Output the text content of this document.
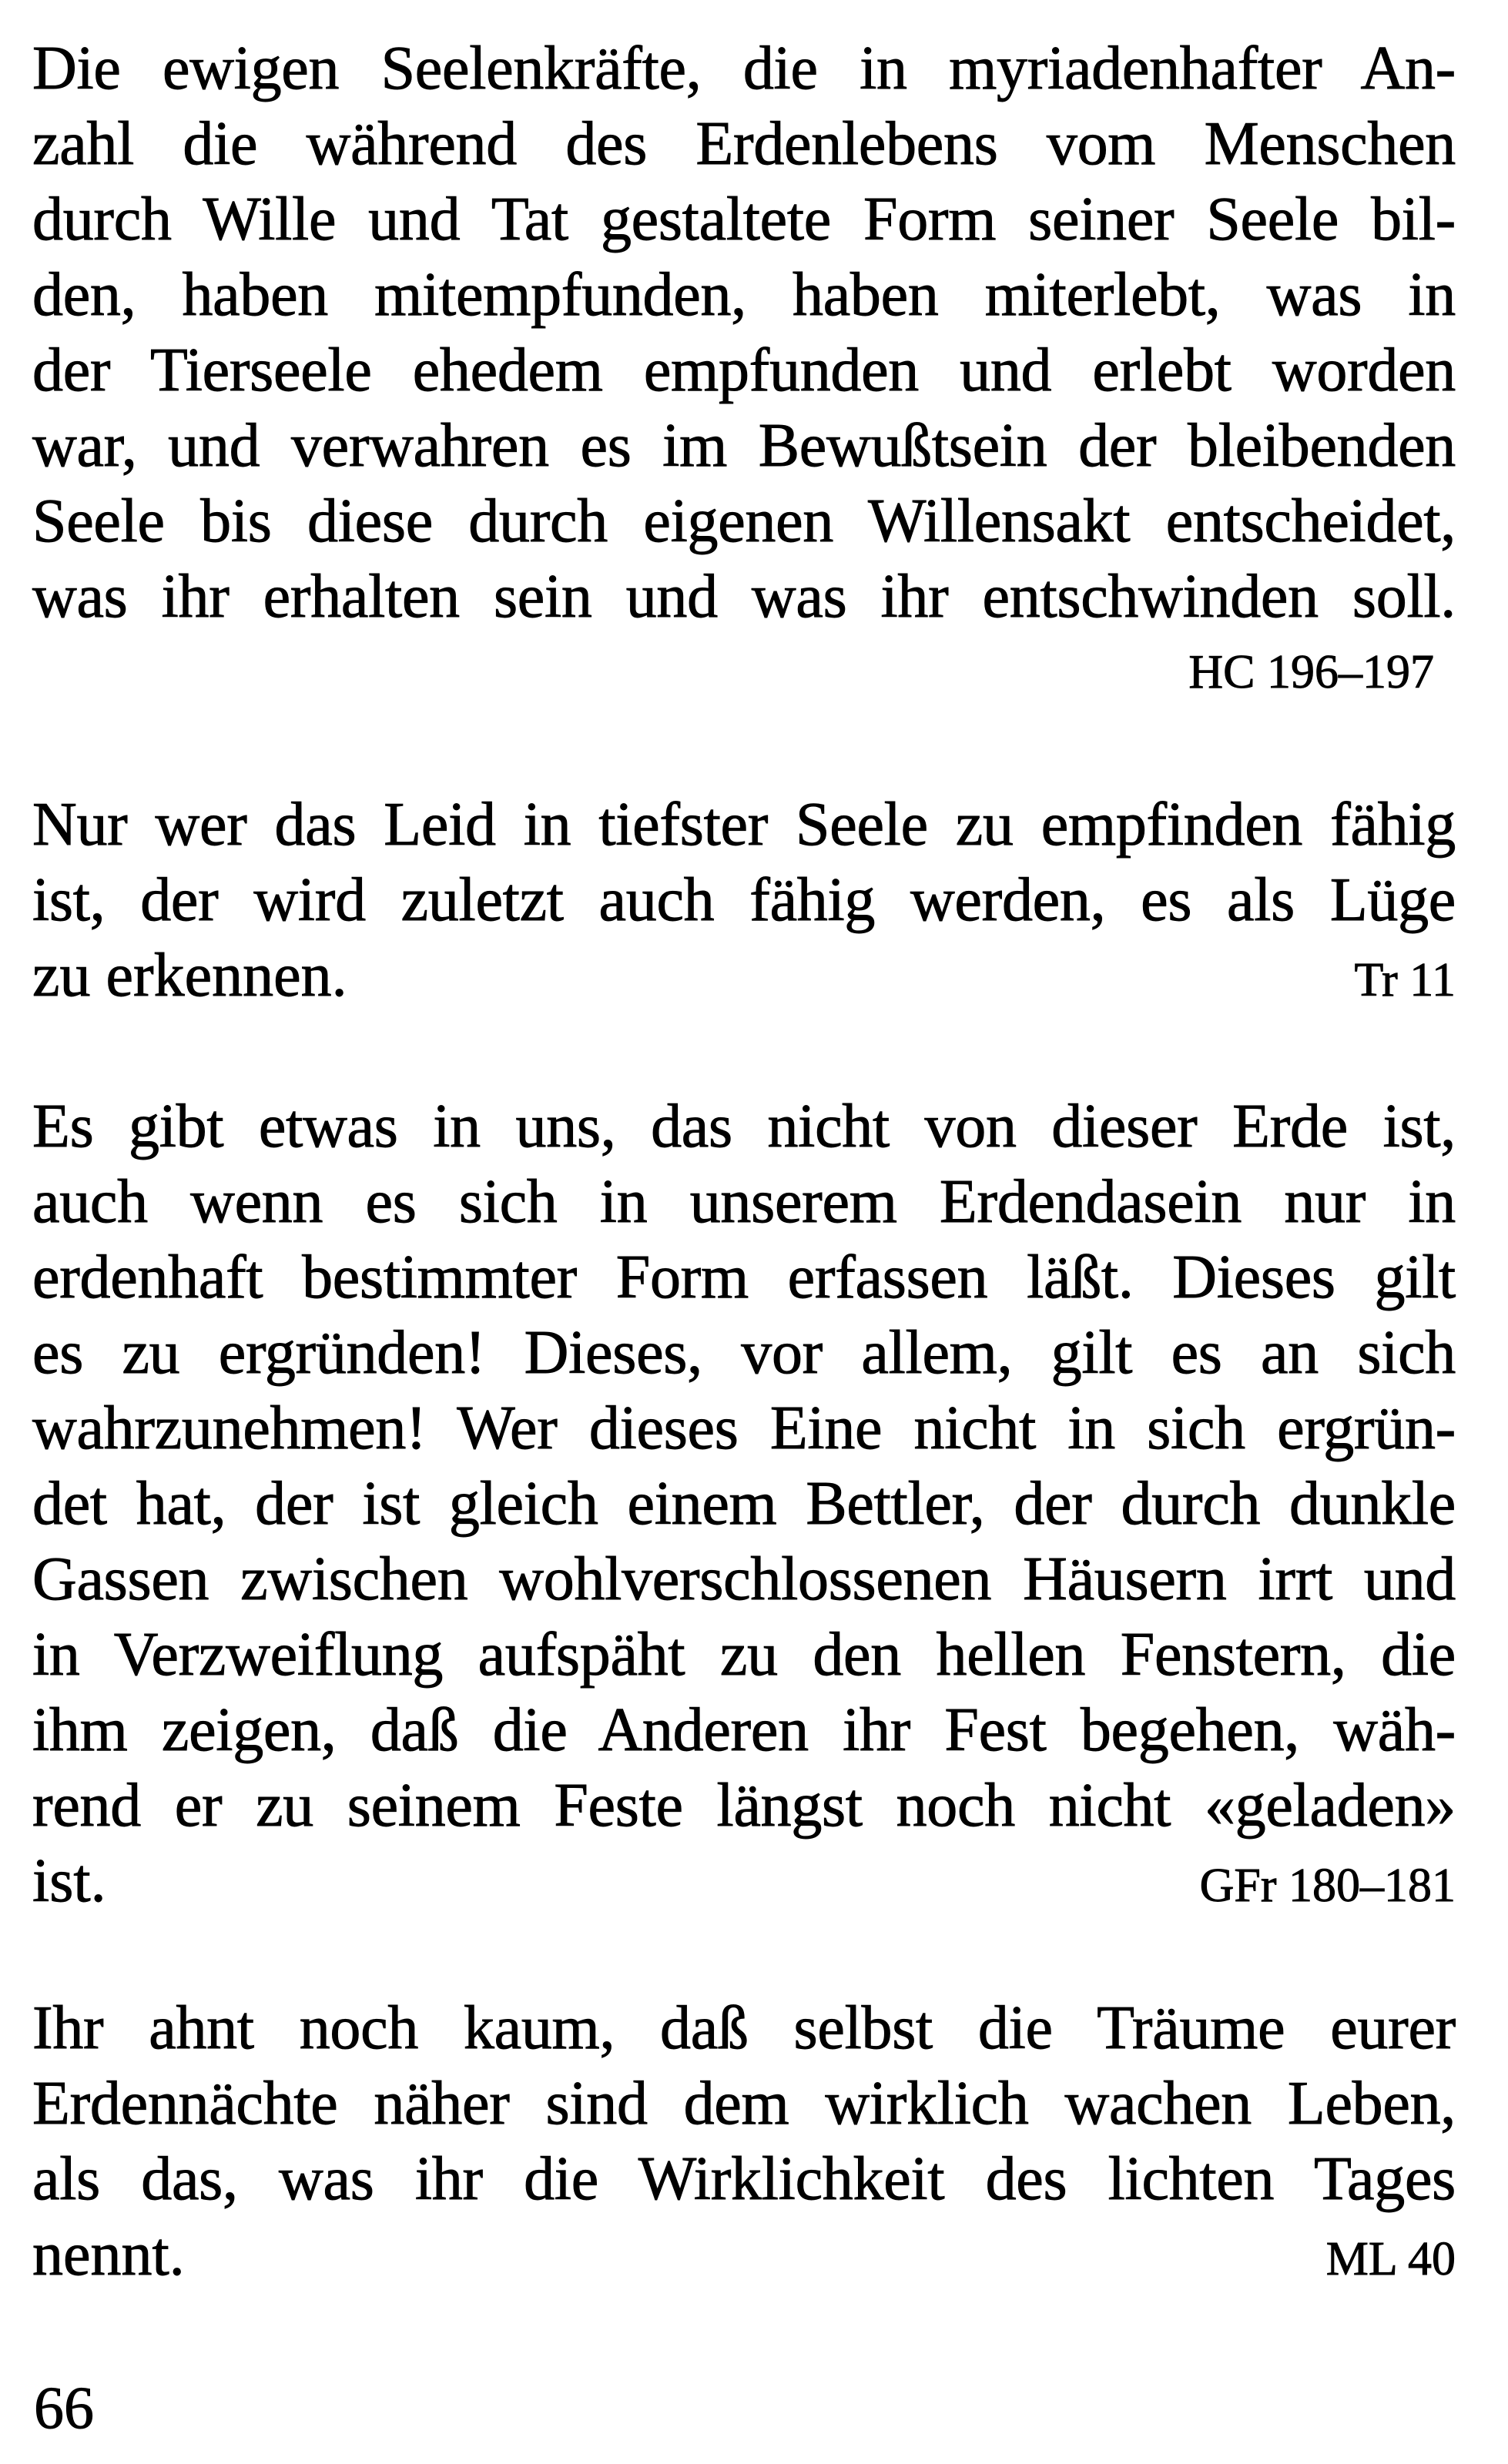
Die ewigen Seelenkräfte, die in myriadenhafter An-
zahl die während des Erdenlebens vom Menschen
durch Wille und Tat gestaltete Form seiner Seele bil-
den, haben mitempfunden, haben miterlebt, was in
der Tierseele ehedem empfunden und erlebt worden
war, und verwahren es im Bewußtsein der bleibenden
Seele bis diese durch eigenen Willensakt entscheidet,
was ihr erhalten sein und was ihr entschwinden soll.
HC 196–197
Nur wer das Leid in tiefster Seele zu empfinden fähig
ist, der wird zuletzt auch fähig werden, es als Lüge
zu erkennen.	Tr 11
Es gibt etwas in uns, das nicht von dieser Erde ist,
auch wenn es sich in unserem Erdendasein nur in
erdenhaft bestimmter Form erfassen läßt. Dieses gilt
es zu ergründen! Dieses, vor allem, gilt es an sich
wahrzunehmen! Wer dieses Eine nicht in sich ergrün-
det hat, der ist gleich einem Bettler, der durch dunkle
Gassen zwischen wohlverschlossenen Häusern irrt und
in Verzweiflung aufspäht zu den hellen Fenstern, die
ihm zeigen, daß die Anderen ihr Fest begehen, wäh-
rend er zu seinem Feste längst noch nicht «geladen»
ist.	GFr 180–181
Ihr ahnt noch kaum, daß selbst die Träume eurer
Erdennächte näher sind dem wirklich wachen Leben,
als das, was ihr die Wirklichkeit des lichten Tages
nennt.	ML 40
66
